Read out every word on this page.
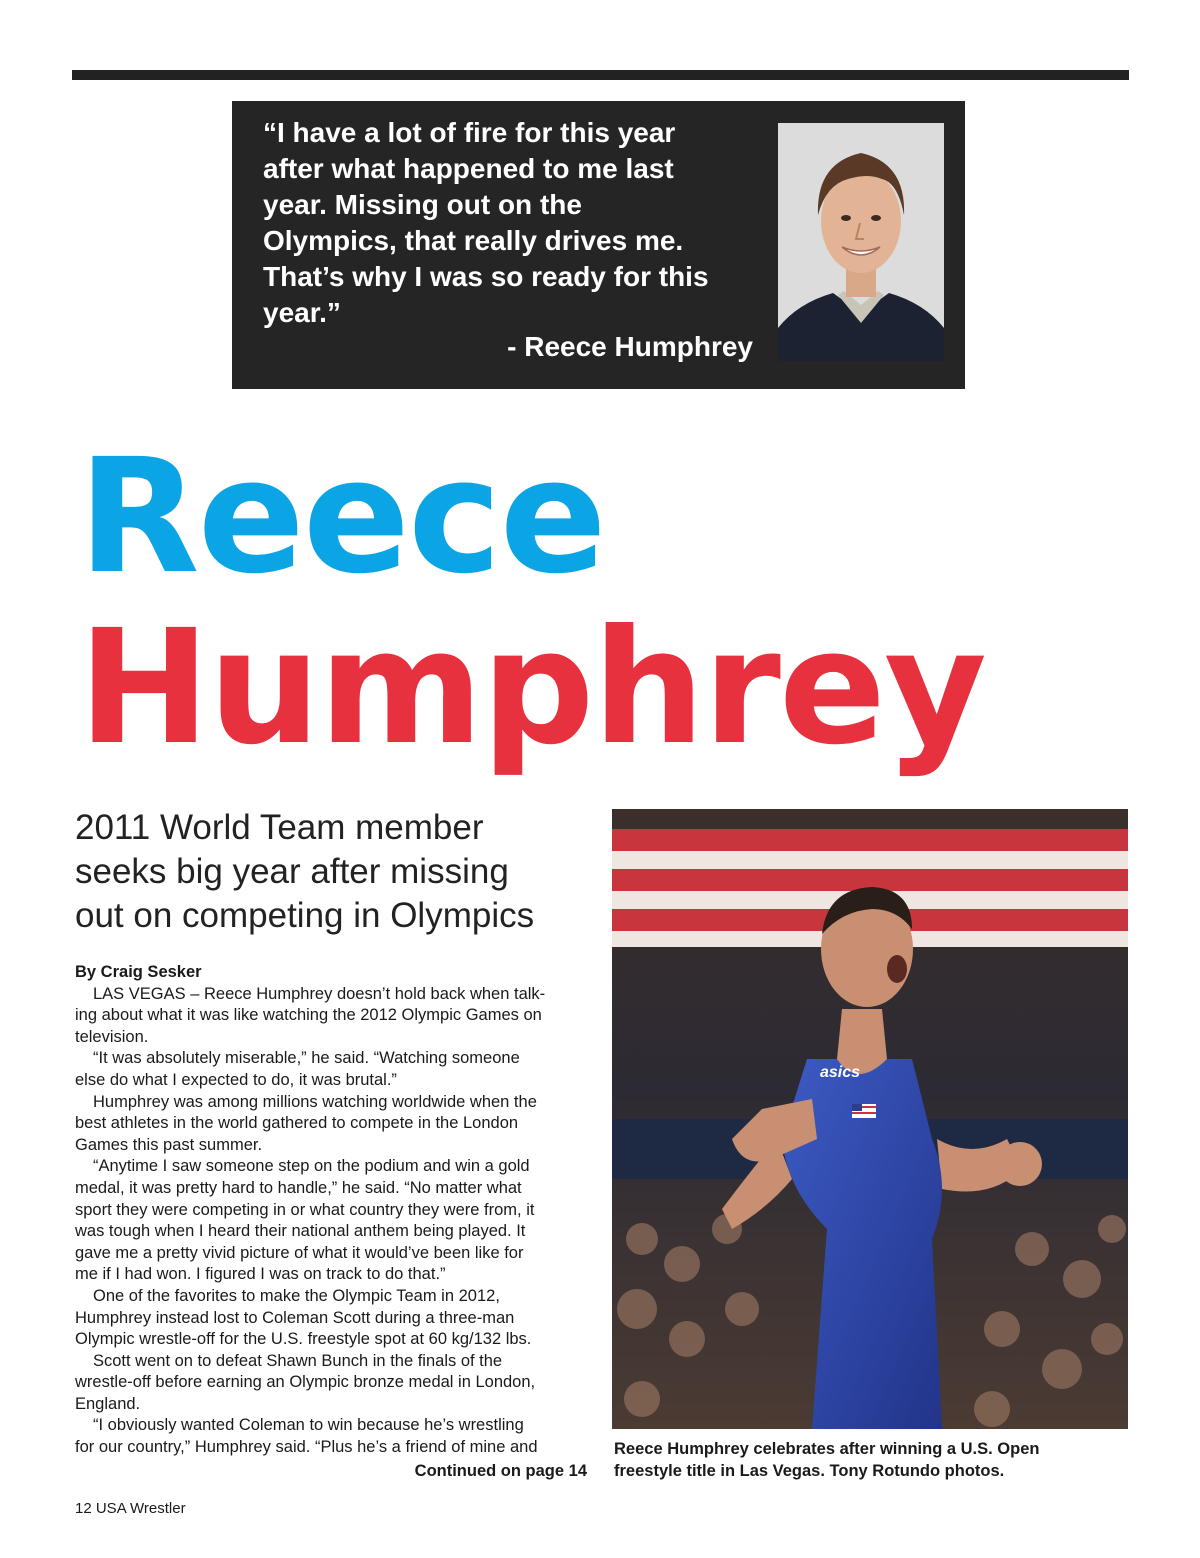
“I have a lot of fire for this year
after what happened to me last
year. Missing out on the
Olympics, that really drives me.
That’s why I was so ready for this
year.”

- Reece Humphrey
Reece
Humphrey
2011 World Team member
seeks big year after missing
out on competing in Olympics
By Craig Sesker
LAS VEGAS – Reece Humphrey doesn’t hold back when talk-
ing about what it was like watching the 2012 Olympic Games on
television.
“It was absolutely miserable,” he said. “Watching someone
else do what I expected to do, it was brutal.”
Humphrey was among millions watching worldwide when the
best athletes in the world gathered to compete in the London
Games this past summer.
“Anytime I saw someone step on the podium and win a gold
medal, it was pretty hard to handle,” he said. “No matter what
sport they were competing in or what country they were from, it
was tough when I heard their national anthem being played. It
gave me a pretty vivid picture of what it would’ve been like for
me if I had won. I figured I was on track to do that.”
One of the favorites to make the Olympic Team in 2012,
Humphrey instead lost to Coleman Scott during a three-man
Olympic wrestle-off for the U.S. freestyle spot at 60 kg/132 lbs.
Scott went on to defeat Shawn Bunch in the finals of the
wrestle-off before earning an Olympic bronze medal in London,
England.
“I obviously wanted Coleman to win because he’s wrestling
for our country,” Humphrey said. “Plus he’s a friend of mine and
Continued on page 14
12 USA Wrestler
asics
Reece Humphrey celebrates after winning a U.S. Open
freestyle title in Las Vegas. Tony Rotundo photos.
